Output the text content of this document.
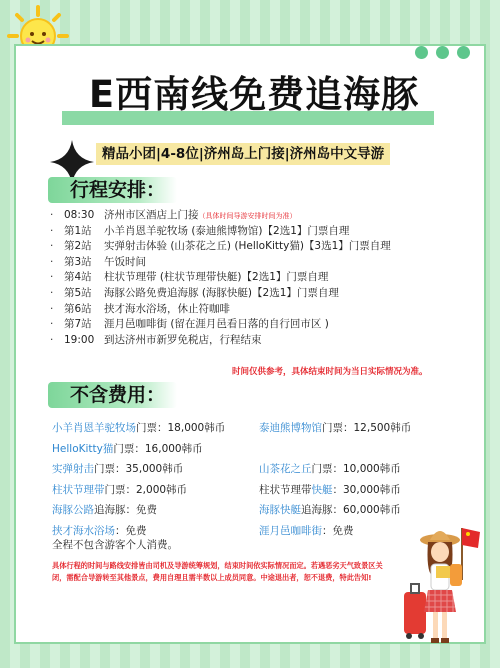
E西南线免费追海豚
精品小团|4-8位|济州岛上门接|济州岛中文导游
行程安排：
· 08:30 济州市区酒店上门接（具体时间导游安排时间为准）
· 第1站 小羊肖恩羊驼牧场 (泰迪熊博物馆)【2选1】门票自理
· 第2站 实弹射击体验 (山茶花之丘) (HelloKitty猫)【3选1】门票自理
· 第3站 午饭时间
· 第4站 柱状节理带 (柱状节理带快艇)【2选1】门票自理
· 第5站 海豚公路免费追海豚 (海豚快艇)【2选1】门票自理
· 第6站 挟才海水浴场，休止符咖啡
· 第7站 涯月邑咖啡街 (留在涯月邑看日落的自行回市区 )
· 19:00 到达济州市新罗免税店，行程结束
时间仅供参考，具体结束时间为当日实际情况为准。
不含费用：
小羊肖恩羊驼牧场门票：18,000韩币	泰迪熊博物馆门票：12,500韩币
HelloKitty猫门票：16,000韩币
实弹射击门票：35,000韩币	山茶花之丘门票：10,000韩币
柱状节理带门票：2,000韩币	柱状节理带快艇：30,000韩币
海豚公路追海豚：免费	海豚快艇追海豚：60,000韩币
挟才海水浴场：免费	涯月邑咖啡街：免费
全程不包含游客个人消费。
具体行程的时间与路线安排皆由司机及导游统筹规划，结束时间依实际情况而定。若遇恶劣天气致景区关闭，需配合导游转至其他景点，费用自理且需半数以上成员同意。中途退出者，恕不退费，特此告知!
